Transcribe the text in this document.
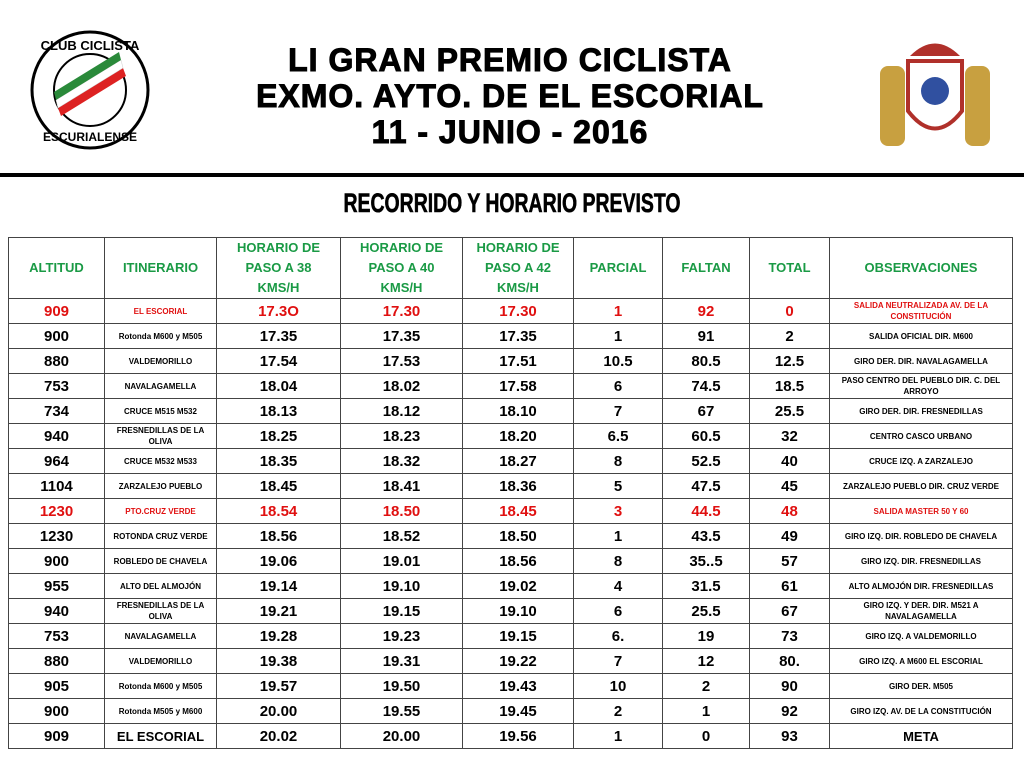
CLUB CICLISTA
ESCURIALENSE
LI GRAN PREMIO CICLISTA
EXMO. AYTO. DE EL ESCORIAL
11 - JUNIO - 2016
RECORRIDO Y HORARIO PREVISTO
ALTITUD	ITINERARIO	HORARIO DE PASO A 38 KMS/H	HORARIO DE PASO A 40 KMS/H	HORARIO DE PASO A 42 KMS/H	PARCIAL	FALTAN	TOTAL	OBSERVACIONES
909	EL ESCORIAL	17.3O	17.30	17.30	1	92	0	SALIDA NEUTRALIZADA AV. DE LA CONSTITUCIÓN
900	Rotonda M600 y M505	17.35	17.35	17.35	1	91	2	SALIDA OFICIAL DIR. M600
880	VALDEMORILLO	17.54	17.53	17.51	10.5	80.5	12.5	GIRO DER. DIR. NAVALAGAMELLA
753	NAVALAGAMELLA	18.04	18.02	17.58	6	74.5	18.5	PASO CENTRO DEL PUEBLO DIR. C. DEL ARROYO
734	CRUCE M515 M532	18.13	18.12	18.10	7	67	25.5	GIRO DER. DIR. FRESNEDILLAS
940	FRESNEDILLAS DE LA OLIVA	18.25	18.23	18.20	6.5	60.5	32	CENTRO CASCO URBANO
964	CRUCE M532 M533	18.35	18.32	18.27	8	52.5	40	CRUCE IZQ. A ZARZALEJO
1104	ZARZALEJO PUEBLO	18.45	18.41	18.36	5	47.5	45	ZARZALEJO PUEBLO DIR. CRUZ VERDE
1230	PTO.CRUZ VERDE	18.54	18.50	18.45	3	44.5	48	SALIDA MASTER 50 Y 60
1230	ROTONDA CRUZ VERDE	18.56	18.52	18.50	1	43.5	49	GIRO IZQ. DIR. ROBLEDO DE CHAVELA
900	ROBLEDO DE CHAVELA	19.06	19.01	18.56	8	35..5	57	GIRO IZQ. DIR. FRESNEDILLAS
955	ALTO DEL ALMOJÓN	19.14	19.10	19.02	4	31.5	61	ALTO ALMOJÓN DIR. FRESNEDILLAS
940	FRESNEDILLAS DE LA OLIVA	19.21	19.15	19.10	6	25.5	67	GIRO IZQ. Y DER. DIR. M521 A NAVALAGAMELLA
753	NAVALAGAMELLA	19.28	19.23	19.15	6.	19	73	GIRO IZQ. A VALDEMORILLO
880	VALDEMORILLO	19.38	19.31	19.22	7	12	80.	GIRO IZQ. A M600 EL ESCORIAL
905	Rotonda M600 y M505	19.57	19.50	19.43	10	2	90	GIRO DER. M505
900	Rotonda M505 y M600	20.00	19.55	19.45	2	1	92	GIRO IZQ. AV. DE LA CONSTITUCIÓN
909	EL ESCORIAL	20.02	20.00	19.56	1	0	93	META
